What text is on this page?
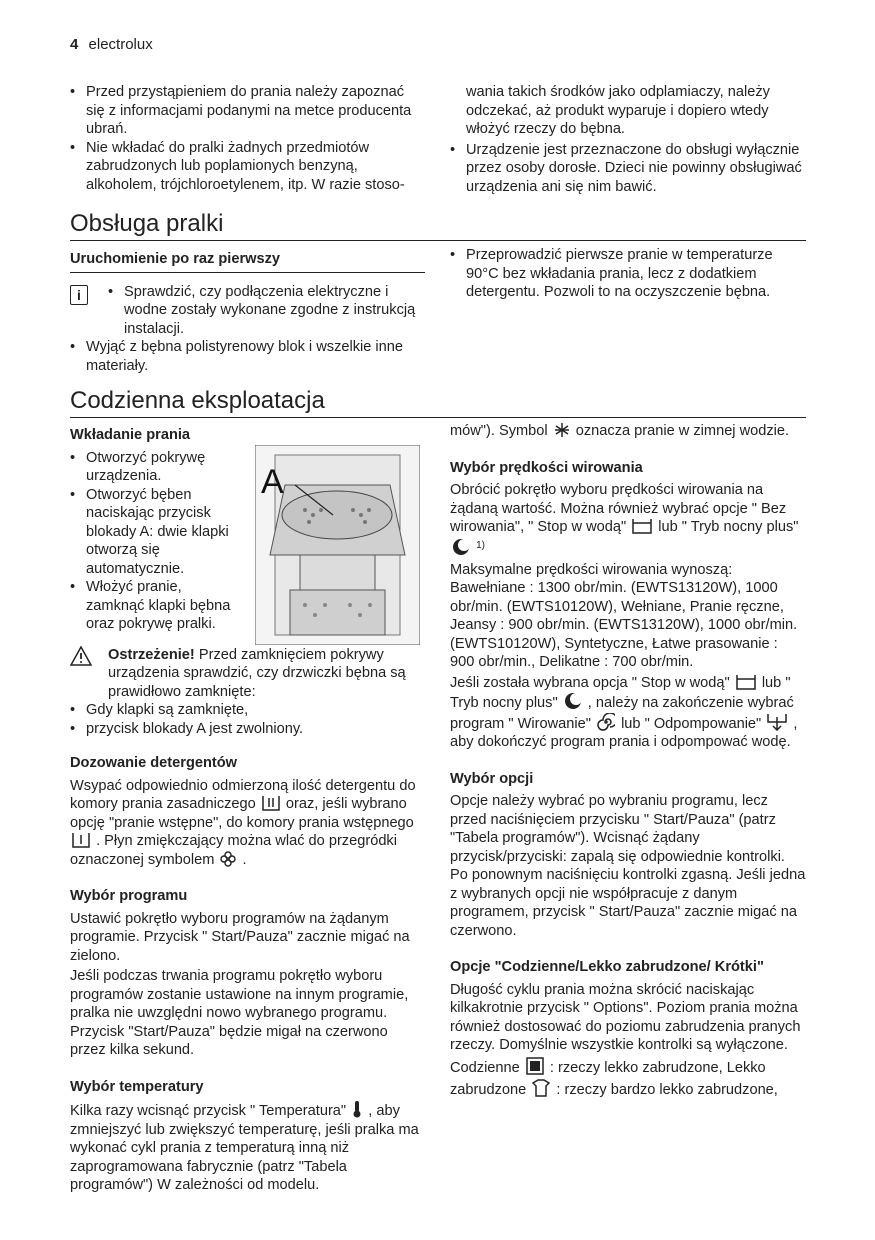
4 electrolux
• Przed przystąpieniem do prania należy zapoznać się z informacjami podanymi na metce producenta ubrań.
• Nie wkładać do pralki żadnych przedmiotów zabrudzonych lub poplamionych benzyną, alkoholem, trójchloroetylenem, itp. W razie stoso-

wania takich środków jako odplamiaczy, należy odczekać, aż produkt wyparuje i dopiero wtedy włożyć rzeczy do bębna.

• Urządzenie jest przeznaczone do obsługi wyłącznie przez osoby dorosłe. Dzieci nie powinny obsługiwać urządzenia ani się nim bawić.
Obsługa pralki
Uruchomienie po raz pierwszy
i
•	Sprawdzić, czy podłączenia elektryczne i wodne zostały wykonane zgodne z instrukcją instalacji.
• Wyjąć z bębna polistyrenowy blok i wszelkie inne materiały.
• Przeprowadzić pierwsze pranie w temperaturze 90°C bez wkładania prania, lecz z dodatkiem detergentu. Pozwoli to na oczyszczenie bębna.
Codzienna eksploatacja
Wkładanie prania
• Otworzyć pokrywę urządzenia.
• Otworzyć bęben naciskając przycisk blokady A: dwie klapki otworzą się automatycznie.
• Włożyć pranie, zamknąć klapki bębna oraz pokrywę pralki.
Ostrzeżenie! Przed zamknięciem pokrywy urządzenia sprawdzić, czy drzwiczki bębna są prawidłowo zamknięte:
• Gdy klapki są zamknięte,
• przycisk blokady A jest zwolniony.
Dozowanie detergentów

Wsypać odpowiednio odmierzoną ilość detergentu do komory prania zasadniczego oraz, jeśli wybrano opcję "pranie wstępne", do komory prania wstępnego  . Płyn zmiękczający można wlać do przegródki oznaczonej symbolem .

Wybór programu

Ustawić pokrętło wyboru programów na żądanym programie. Przycisk " Start/Pauza" zacznie migać na zielono.

Jeśli podczas trwania programu pokrętło wyboru programów zostanie ustawione na innym programie, pralka nie uwzględni nowo wybranego programu. Przycisk "Start/Pauza" będzie migał na czerwono przez kilka sekund.

Wybór temperatury

Kilka razy wcisnąć przycisk " Temperatura" , aby zmniejszyć lub zwiększyć temperaturę, jeśli pralka ma wykonać cykl prania z temperaturą inną niż zaprogramowana fabrycznie (patrz "Tabela programów") W zależności od modelu.

A

mów"). Symbol oznacza pranie w zimnej wodzie.

Wybór prędkości wirowania

Obrócić pokrętło wyboru prędkości wirowania na żądaną wartość. Można również wybrać opcje " Bez wirowania", " Stop w wodą" lub " Tryb nocny plus"  $^{1)}$

Maksymalne prędkości wirowania wynoszą: Bawełniane : 1300 obr/min. (EWTS13120W), 1000 obr/min. (EWTS10120W), Wełniane, Pranie ręczne, Jeansy : 900 obr/min. (EWTS13120W), 1000 obr/min. (EWTS10120W), Syntetyczne, Łatwe prasowanie : 900 obr/min., Delikatne : 700 obr/min.

Jeśli została wybrana opcja " Stop w wodą" lub " Tryb nocny plus" , należy na zakończenie wybrać program " Wirowanie" lub " Odpompowanie" , aby dokończyć program prania i odpompować wodę.

Wybór opcji

Opcje należy wybrać po wybraniu programu, lecz przed naciśnięciem przycisku " Start/Pauza" (patrz "Tabela programów"). Wcisnąć żądany przycisk/przyciski: zapalą się odpowiednie kontrolki. Po ponownym naciśnięciu kontrolki zgasną. Jeśli jedna z wybranych opcji nie współpracuje z danym programem, przycisk " Start/Pauza" zacznie migać na czerwono.

Opcje "Codzienne/Lekko zabrudzone/ Krótki"

Długość cyklu prania można skrócić naciskając kilkakrotnie przycisk " Options". Poziom prania można również dostosować do poziomu zabrudzenia pranych rzeczy. Domyślnie wszystkie kontrolki są wyłączone.

Codzienne : rzeczy lekko zabrudzone, Lekko

zabrudzone : rzeczy bardzo lekko zabrudzone,
